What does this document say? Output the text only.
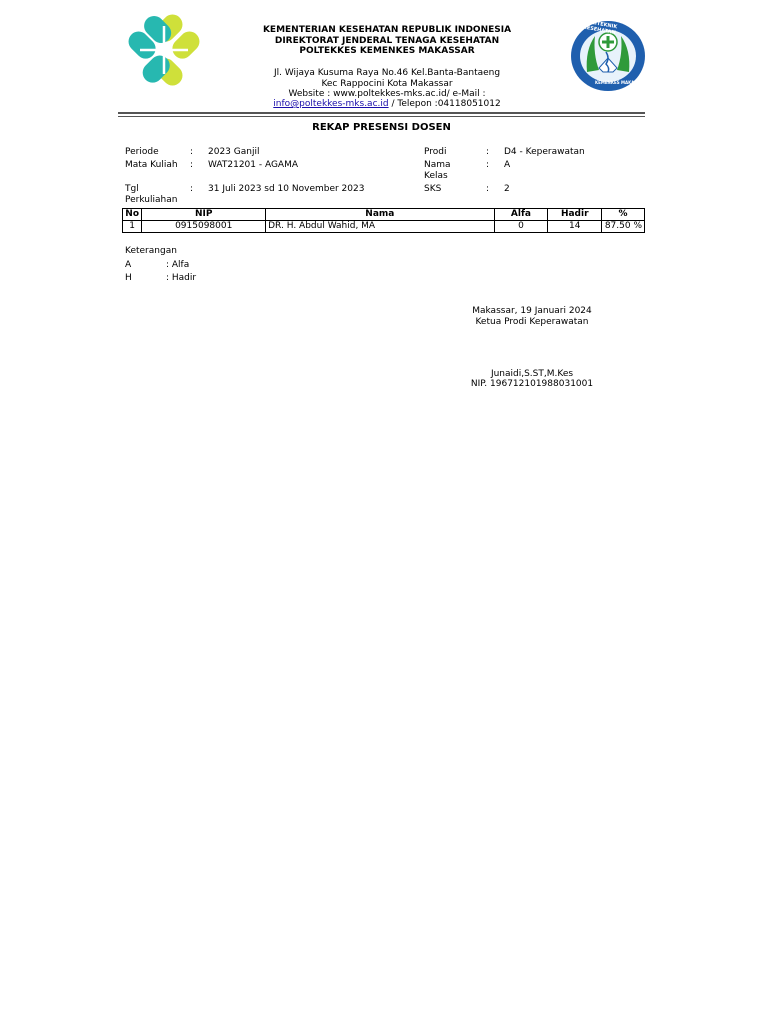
KEMENTERIAN KESEHATAN REPUBLIK INDONESIA
DIREKTORAT JENDERAL TENAGA KESEHATAN
POLTEKKES KEMENKES MAKASSAR
Jl. Wijaya Kusuma Raya No.46 Kel.Banta-Bantaeng
Kec Rappocini Kota Makassar
Website : www.poltekkes-mks.ac.id/ e-Mail :
info@poltekkes-mks.ac.id / Telepon :04118051012
POLITEKNIK KESEHATAN
KEMENKES MAKASSAR
REKAP PRESENSI DOSEN
Periode	: 2023 Ganjil
Mata Kuliah : WAT21201 - AGAMA
Tgl
Perkuliahan
: 31 Juli 2023 sd 10 November 2023
Prodi	: D4 - Keperawatan
Nama
Kelas
: A
SKS	: 2
No	NIP	Nama	Alfa	Hadir	%
1	0915098001	DR. H. Abdul Wahid, MA	0	14	87.50 %
Keterangan
A	: Alfa
H	: Hadir
Makassar, 19 Januari 2024
Ketua Prodi Keperawatan
Junaidi,S.ST,M.Kes
NIP. 196712101988031001
